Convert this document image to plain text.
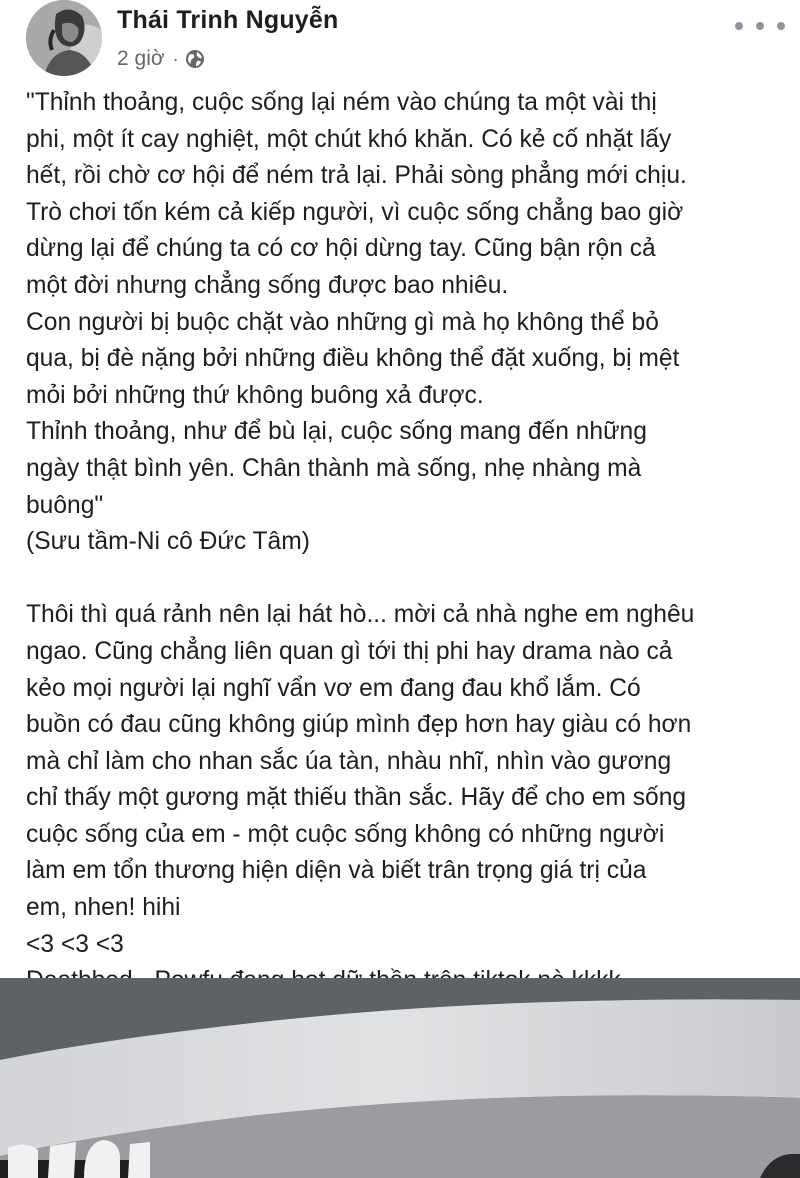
Thái Trinh Nguyễn
2 giờ ·
"Thỉnh thoảng, cuộc sống lại ném vào chúng ta một vài thị
phi, một ít cay nghiệt, một chút khó khăn. Có kẻ cố nhặt lấy
hết, rồi chờ cơ hội để ném trả lại. Phải sòng phẳng mới chịu.
Trò chơi tốn kém cả kiếp người, vì cuộc sống chẳng bao giờ
dừng lại để chúng ta có cơ hội dừng tay. Cũng bận rộn cả
một đời nhưng chẳng sống được bao nhiêu.
Con người bị buộc chặt vào những gì mà họ không thể bỏ
qua, bị đè nặng bởi những điều không thể đặt xuống, bị mệt
mỏi bởi những thứ không buông xả được.
Thỉnh thoảng, như để bù lại, cuộc sống mang đến những
ngày thật bình yên. Chân thành mà sống, nhẹ nhàng mà
buông"
(Sưu tầm-Ni cô Đức Tâm)
Thôi thì quá rảnh nên lại hát hò... mời cả nhà nghe em nghêu
ngao. Cũng chẳng liên quan gì tới thị phi hay drama nào cả
kẻo mọi người lại nghĩ vẩn vơ em đang đau khổ lắm. Có
buồn có đau cũng không giúp mình đẹp hơn hay giàu có hơn
mà chỉ làm cho nhan sắc úa tàn, nhàu nhĩ, nhìn vào gương
chỉ thấy một gương mặt thiếu thần sắc. Hãy để cho em sống
cuộc sống của em - một cuộc sống không có những người
làm em tổn thương hiện diện và biết trân trọng giá trị của
em, nhen! hihi
<3 <3 <3
